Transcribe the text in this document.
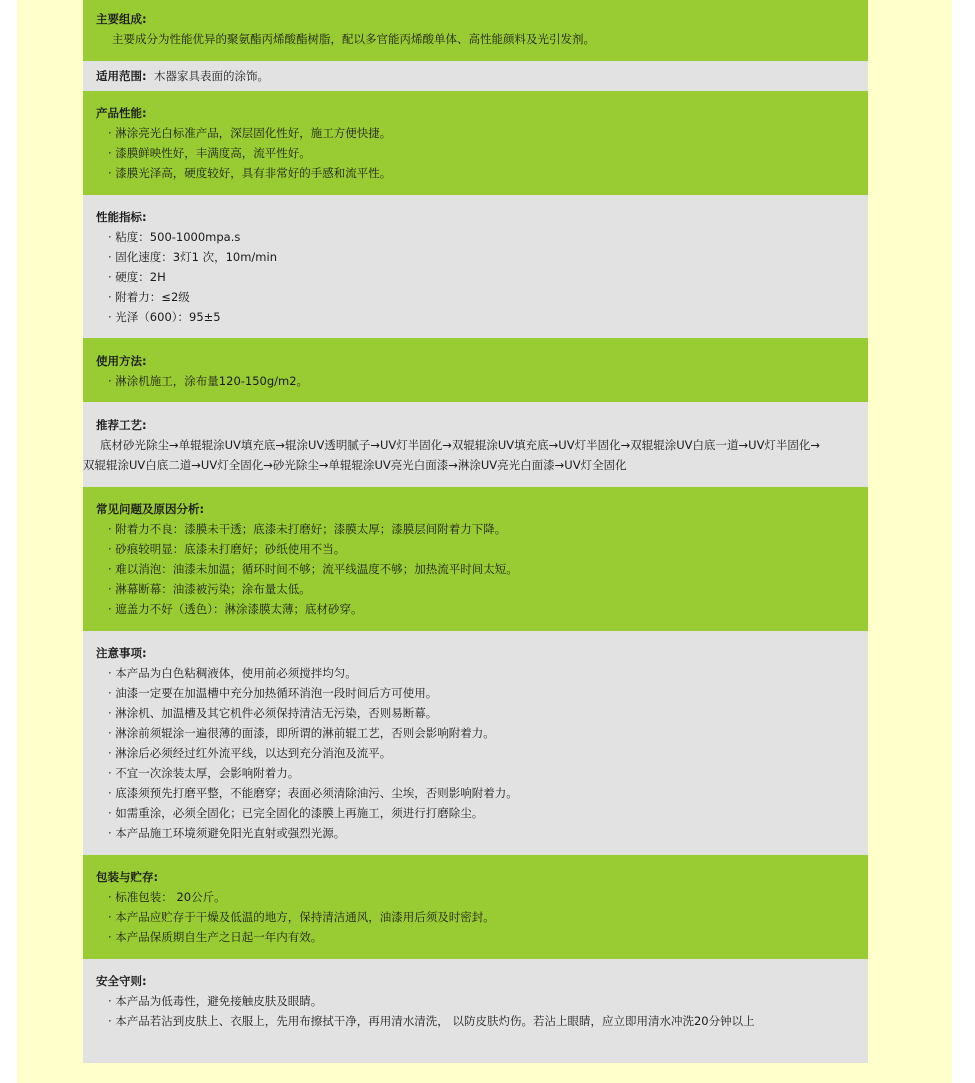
主要组成:
主要成分为性能优异的聚氨酯丙烯酸酯树脂，配以多官能丙烯酸单体、高性能颜料及光引发剂。
适用范围: 木器家具表面的涂饰。
产品性能:
· 淋涂亮光白标准产品，深层固化性好，施工方便快捷。
· 漆膜鲜映性好，丰满度高，流平性好。
· 漆膜光泽高，硬度较好，具有非常好的手感和流平性。
性能指标:
· 粘度：500-1000mpa.s
· 固化速度：3灯1 次，10m/min
· 硬度：2H
· 附着力：≤2级
· 光泽（600）：95±5
使用方法:
· 淋涂机施工，涂布量120-150g/m2。
推荐工艺:
底材砂光除尘→单辊辊涂UV填充底→辊涂UV透明腻子→UV灯半固化→双辊辊涂UV填充底→UV灯半固化→双辊辊涂UV白底一道→UV灯半固化→
双辊辊涂UV白底二道→UV灯全固化→砂光除尘→单辊辊涂UV亮光白面漆→淋涂UV亮光白面漆→UV灯全固化
常见问题及原因分析:
· 附着力不良：漆膜未干透；底漆未打磨好；漆膜太厚；漆膜层间附着力下降。
· 砂痕较明显：底漆未打磨好；砂纸使用不当。
· 难以消泡：油漆未加温；循环时间不够；流平线温度不够；加热流平时间太短。
· 淋幕断幕：油漆被污染；涂布量太低。
· 遮盖力不好（透色）：淋涂漆膜太薄；底材砂穿。
注意事项:
· 本产品为白色粘稠液体，使用前必须搅拌均匀。
· 油漆一定要在加温槽中充分加热循环消泡一段时间后方可使用。
· 淋涂机、加温槽及其它机件必须保持清洁无污染，否则易断幕。
· 淋涂前须辊涂一遍很薄的面漆，即所谓的淋前辊工艺，否则会影响附着力。
· 淋涂后必须经过红外流平线，以达到充分消泡及流平。
· 不宜一次涂装太厚，会影响附着力。
· 底漆须预先打磨平整，不能磨穿；表面必须清除油污、尘埃，否则影响附着力。
· 如需重涂，必须全固化；已完全固化的漆膜上再施工，须进行打磨除尘。
· 本产品施工环境须避免阳光直射或强烈光源。
包装与贮存:
· 标准包装： 20公斤。
· 本产品应贮存于干燥及低温的地方，保持清洁通风，油漆用后须及时密封。
· 本产品保质期自生产之日起一年内有效。
安全守则:
· 本产品为低毒性，避免接触皮肤及眼睛。
· 本产品若沾到皮肤上、衣服上，先用布擦拭干净，再用清水清洗， 以防皮肤灼伤。若沾上眼睛，应立即用清水冲洗20分钟以上
